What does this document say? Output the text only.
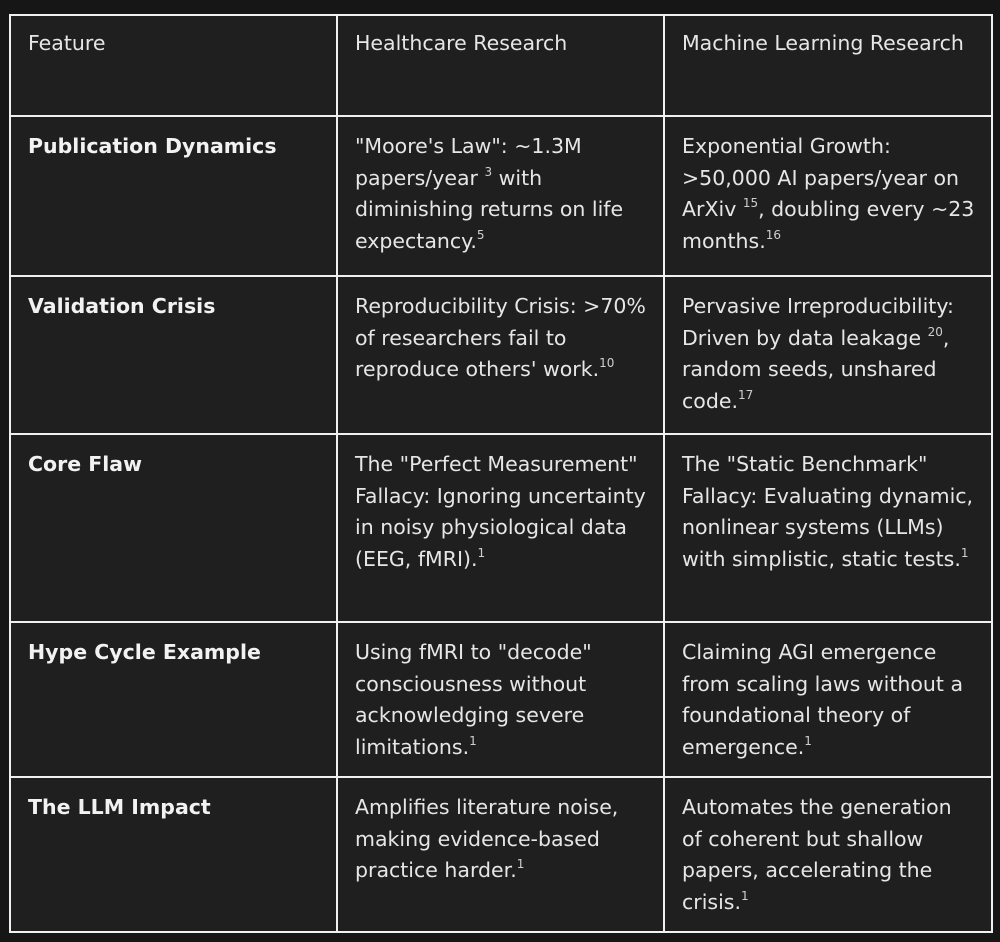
Feature	Healthcare Research	Machine Learning Research
Publication Dynamics	"Moore's Law": ~1.3M papers/year $^3$ with diminishing returns on life expectancy.$^5$	Exponential Growth: >50,000 AI papers/year on ArXiv $^{15}$, doubling every ~23 months.$^{16}$
Validation Crisis	Reproducibility Crisis: >70% of researchers fail to reproduce others' work.$^{10}$	Pervasive Irreproducibility: Driven by data leakage $^{20}$, random seeds, unshared code.$^{17}$
Core Flaw	The "Perfect Measurement" Fallacy: Ignoring uncertainty in noisy physiological data (EEG, fMRI).$^1$	The "Static Benchmark" Fallacy: Evaluating dynamic, nonlinear systems (LLMs) with simplistic, static tests.$^1$
Hype Cycle Example	Using fMRI to "decode" consciousness without acknowledging severe limitations.$^1$	Claiming AGI emergence from scaling laws without a foundational theory of emergence.$^1$
The LLM Impact	Amplifies literature noise, making evidence-based practice harder.$^1$	Automates the generation of coherent but shallow papers, accelerating the crisis.$^1$
